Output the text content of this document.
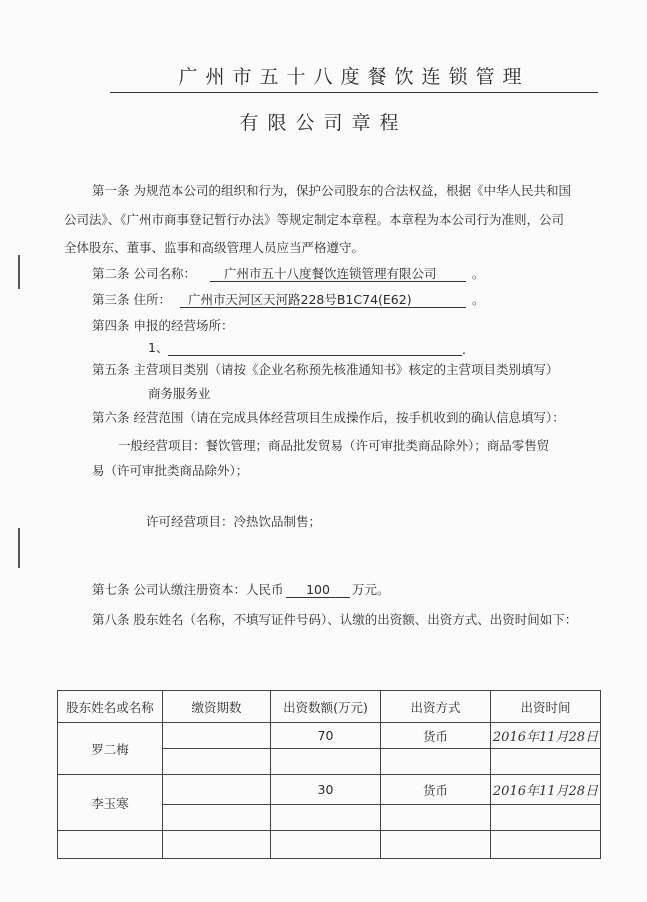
广州市五十八度餐饮连锁管理
有限公司章程
第一条 为规范本公司的组织和行为，保护公司股东的合法权益，根据《中华人民共和国
公司法》、《广州市商事登记暂行办法》等规定制定本章程。本章程为本公司行为准则，公司
全体股东、董事、监事和高级管理人员应当严格遵守。
第二条 公司名称：	广州市五十八度餐饮连锁管理有限公司	。
第三条 住所：	广州市天河区天河路228号B1C74(E62)	。
第四条 申报的经营场所：
1、	.
第五条 主营项目类别（请按《企业名称预先核准通知书》核定的主营项目类别填写）
商务服务业
第六条 经营范围（请在完成具体经营项目生成操作后，按手机收到的确认信息填写）：
一般经营项目：餐饮管理；商品批发贸易（许可审批类商品除外）；商品零售贸
易（许可审批类商品除外）；
许可经营项目：冷热饮品制售；
第七条 公司认缴注册资本：人民币	100	万元。
第八条 股东姓名（名称，不填写证件号码）、认缴的出资额、出资方式、出资时间如下：
股东姓名或名称	缴资期数	出资数额(万元)	出资方式	出资时间
罗二梅		70	货币	2016年11月28日

李玉寒		30	货币	2016年11月28日
